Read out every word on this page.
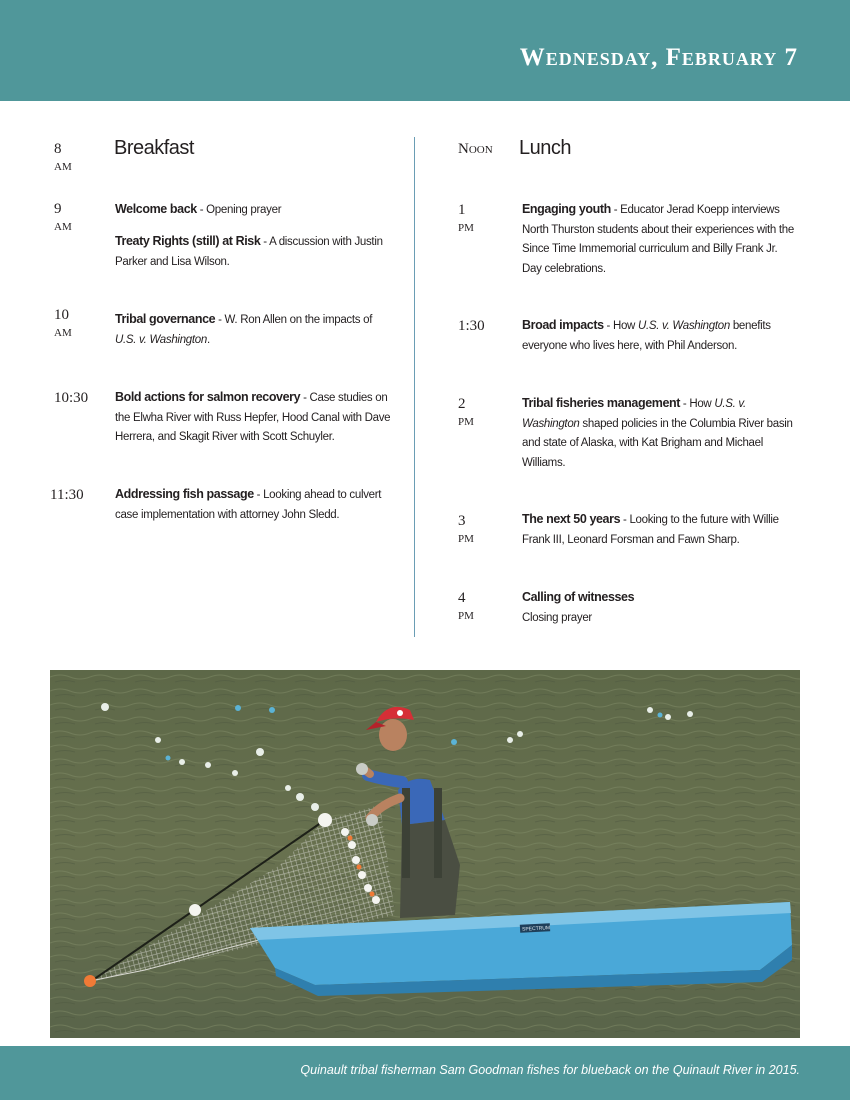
Wednesday, February 7
8 am
Breakfast
9 am
Welcome back - Opening prayer
Treaty Rights (still) at Risk - A discussion with Justin Parker and Lisa Wilson.
10 am
Tribal governance - W. Ron Allen on the impacts of U.S. v. Washington.
10:30 Bold actions for salmon recovery - Case studies on the Elwha River with Russ Hepfer, Hood Canal with Dave Herrera, and Skagit River with Scott Schuyler.
11:30	Addressing fish passage - Looking ahead to culvert case implementation with attorney John Sledd.
Noon Lunch
1 pm
Engaging youth - Educator Jerad Koepp interviews North Thurston students about their experiences with the Since Time Immemorial curriculum and Billy Frank Jr. Day celebrations.
1:30	Broad impacts - How U.S. v. Washington benefits everyone who lives here, with Phil Anderson.
2 pm
Tribal fisheries management - How U.S. v. Washington shaped policies in the Columbia River basin and state of Alaska, with Kat Brigham and Michael Williams.
3 pm
The next 50 years - Looking to the future with Willie Frank III, Leonard Forsman and Fawn Sharp.
4 pm
Calling of witnesses
Closing prayer
SPECTRUM
Quinault tribal fisherman Sam Goodman fishes for blueback on the Quinault River in 2015.
